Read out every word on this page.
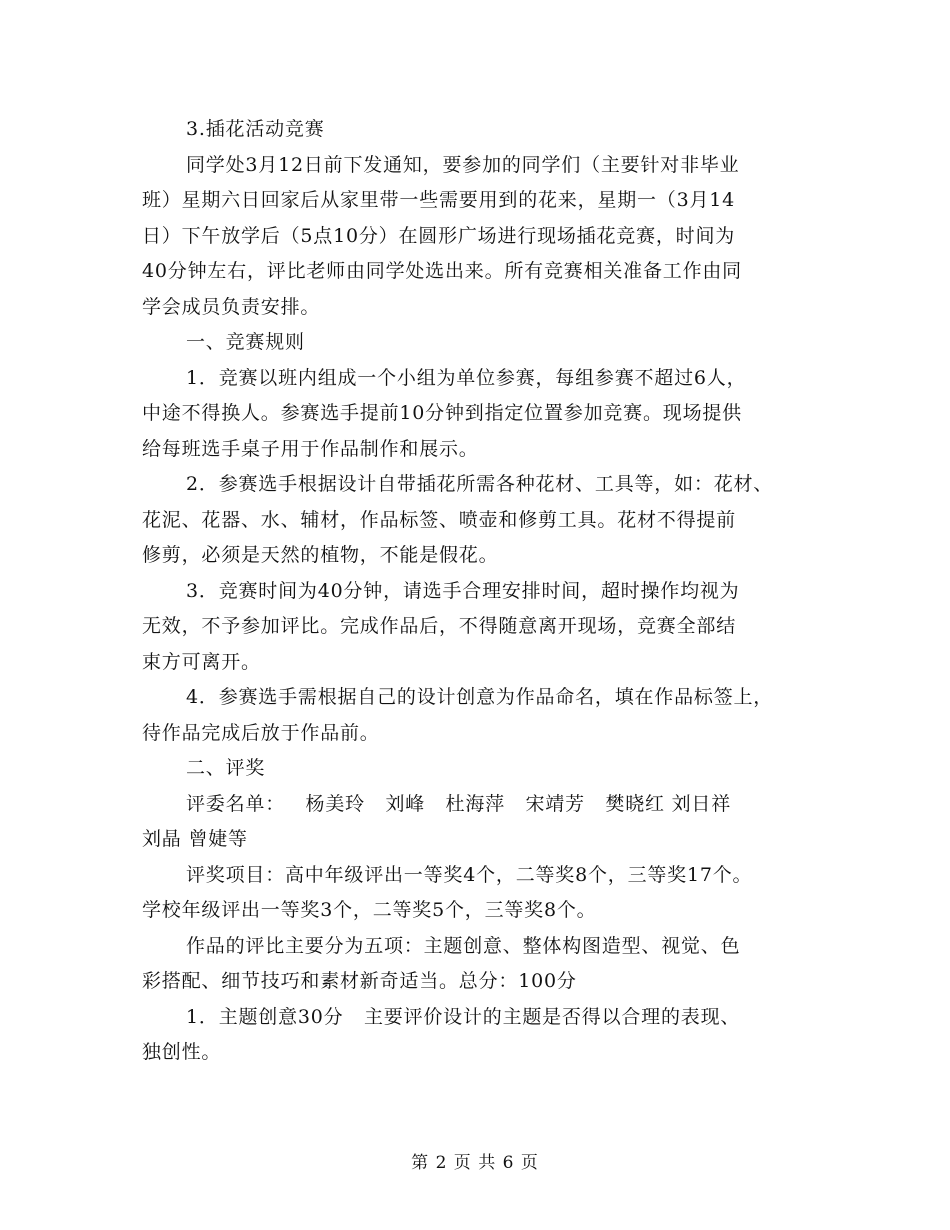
3.插花活动竞赛
同学处3月12日前下发通知，要参加的同学们（主要针对非毕业
班）星期六日回家后从家里带一些需要用到的花来，星期一（3月14
日）下午放学后（5点10分）在圆形广场进行现场插花竞赛，时间为
40分钟左右，评比老师由同学处选出来。所有竞赛相关准备工作由同
学会成员负责安排。
一、竞赛规则
1．竞赛以班内组成一个小组为单位参赛，每组参赛不超过6人，
中途不得换人。参赛选手提前10分钟到指定位置参加竞赛。现场提供
给每班选手桌子用于作品制作和展示。
2．参赛选手根据设计自带插花所需各种花材、工具等，如：花材、
花泥、花器、水、辅材，作品标签、喷壶和修剪工具。花材不得提前
修剪，必须是天然的植物，不能是假花。
3．竞赛时间为40分钟，请选手合理安排时间，超时操作均视为
无效，不予参加评比。完成作品后，不得随意离开现场，竞赛全部结
束方可离开。
4．参赛选手需根据自己的设计创意为作品命名，填在作品标签上，
待作品完成后放于作品前。
二、评奖
评委名单：   杨美玲   刘峰   杜海萍   宋靖芳   樊晓红 刘日祥
刘晶 曾婕等
评奖项目：高中年级评出一等奖4个，二等奖8个，三等奖17个。
学校年级评出一等奖3个，二等奖5个，三等奖8个。
作品的评比主要分为五项：主题创意、整体构图造型、视觉、色
彩搭配、细节技巧和素材新奇适当。总分：100分
1．主题创意30分   主要评价设计的主题是否得以合理的表现、
独创性。
第 2 页 共 6 页
